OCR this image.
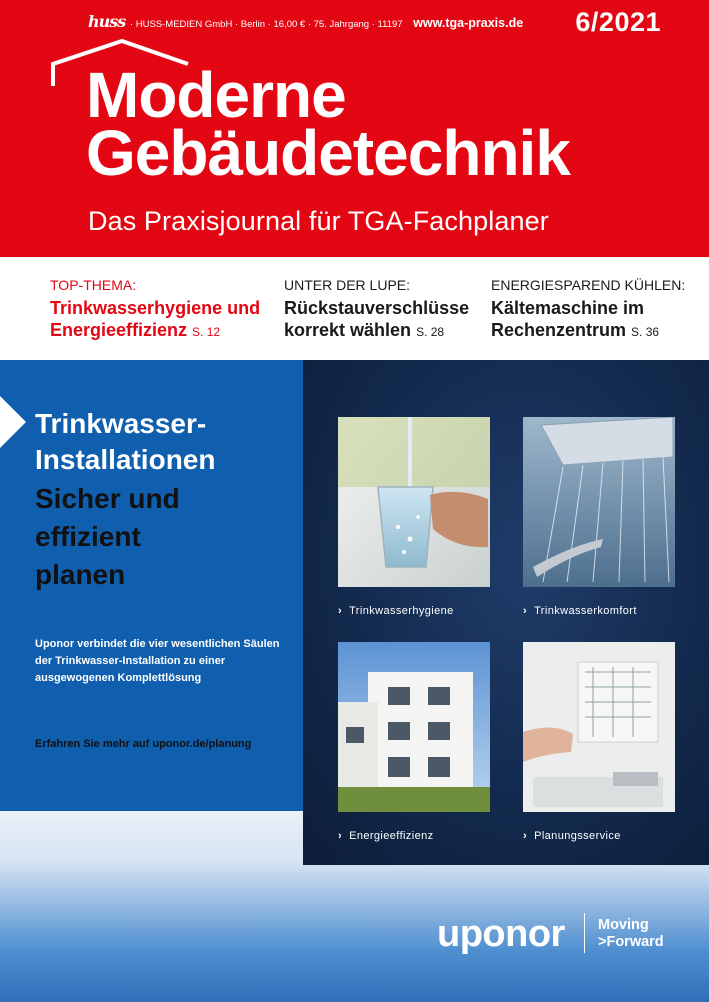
huss · HUSS-MEDIEN GmbH · Berlin · 16,00 € · 75. Jahrgang · 11197 www.tga-praxis.de 6/2021
Moderne
Gebäudetechnik
Das Praxisjournal für TGA-Fachplaner
TOP-THEMA:
Trinkwasserhygiene und
Energieeffizienz S. 12
UNTER DER LUPE:
Rückstauverschlüsse
korrekt wählen S. 28
ENERGIESPAREND KÜHLEN:
Kältemaschine im
Rechenzentrum S. 36
Trinkwasser-
Installationen
Sicher und
effizient
planen
Uponor verbindet die vier wesentlichen Säulen der Trinkwasser-Installation zu einer ausgewogenen Komplettlösung
Erfahren Sie mehr auf uponor.de/planung
› Trinkwasserhygiene	› Trinkwasserkomfort
› Energieeffizienz	› Planungsservice
uponor Moving
>Forward
